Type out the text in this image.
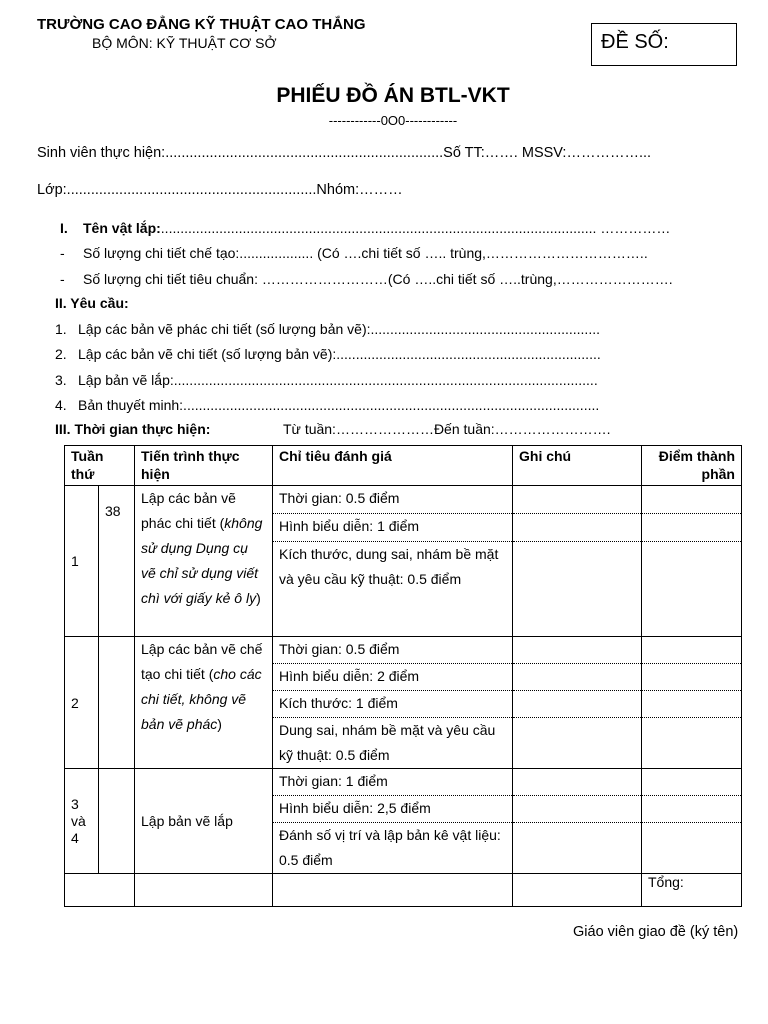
TRƯỜNG CAO ĐẲNG KỸ THUẬT CAO THẮNG
BỘ MÔN: KỸ THUẬT CƠ SỞ	ĐỀ SỐ:
PHIẾU ĐỒ ÁN BTL-VKT
------------0O0------------
Sinh viên thực hiện:.....................................................................Số TT:……. MSSV:……………...
Lớp:..............................................................Nhóm:………
I. Tên vật lắp:................................................................................................................ ……………
- Số lượng chi tiết chế tạo:................... (Có ….chi tiết số ….. trùng,……………………………..
- Số lượng chi tiết tiêu chuẩn: ………………………(Có …..chi tiết số …..trùng,…………………….
II. Yêu cầu:
1. Lập các bản vẽ phác chi tiết (số lượng bản vẽ):...........................................................
2. Lập các bản vẽ chi tiết (số lượng bản vẽ):....................................................................
3. Lập bản vẽ lắp:.............................................................................................................
4. Bản thuyết minh:...........................................................................................................
III. Thời gian thực hiện:	Từ tuần:…………………Đến tuần:…………………….
Tuần thứ		Tiến trình thực hiện	Chỉ tiêu đánh giá	Ghi chú	Điểm thành phần
1	38	Lập các bản vẽ phác chi tiết (không sử dụng Dụng cụ vẽ chỉ sử dụng viết chì với giấy kẻ ô ly)	Thời gian: 0.5 điểm		
			Hình biểu diễn: 1 điểm		
			Kích thước, dung sai, nhám bề mặt và yêu cầu kỹ thuật: 0.5 điểm		
2		Lập các bản vẽ chế tạo chi tiết (cho các chi tiết, không vẽ bản vẽ phác)	Thời gian: 0.5 điểm		
			Hình biểu diễn: 2 điểm		
			Kích thước: 1 điểm		
			Dung sai, nhám bề mặt và yêu cầu kỹ thuật: 0.5 điểm		
3 và 4		Lập bản vẽ lắp	Thời gian: 1 điểm		
			Hình biểu diễn: 2,5 điểm		
			Đánh số vị trí và lập bản kê vật liệu: 0.5 điểm		
					Tổng:
Giáo viên giao đề (ký tên)
